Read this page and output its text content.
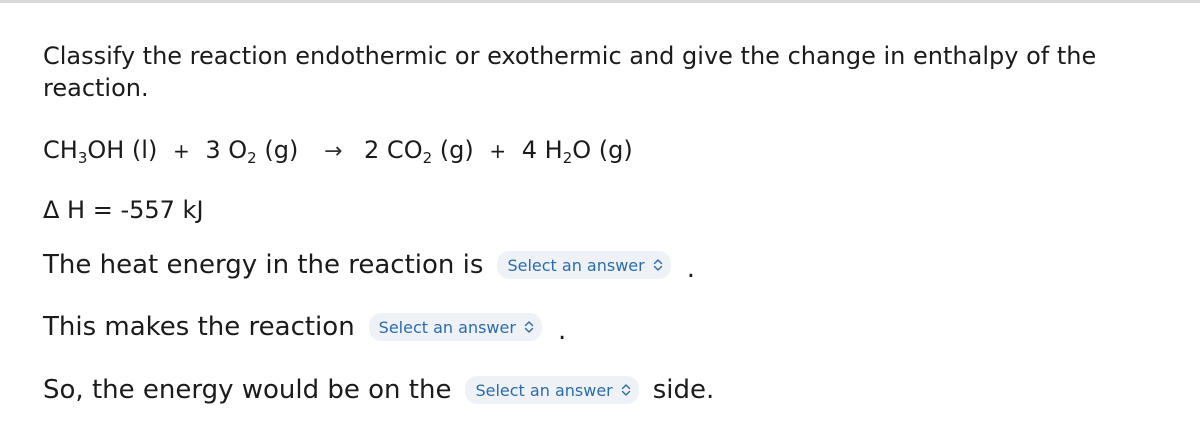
Classify the reaction endothermic or exothermic and give the change in enthalpy of the reaction.

$CH_3OH$ (l) + 3 $O_2$ (g) → 2 $CO_2$ (g) + 4 $H_2O$ (g)
Δ H = -557 kJ
The heat energy in the reaction is Select an answer .
This makes the reaction Select an answer .
So, the energy would be on the Select an answer side.
